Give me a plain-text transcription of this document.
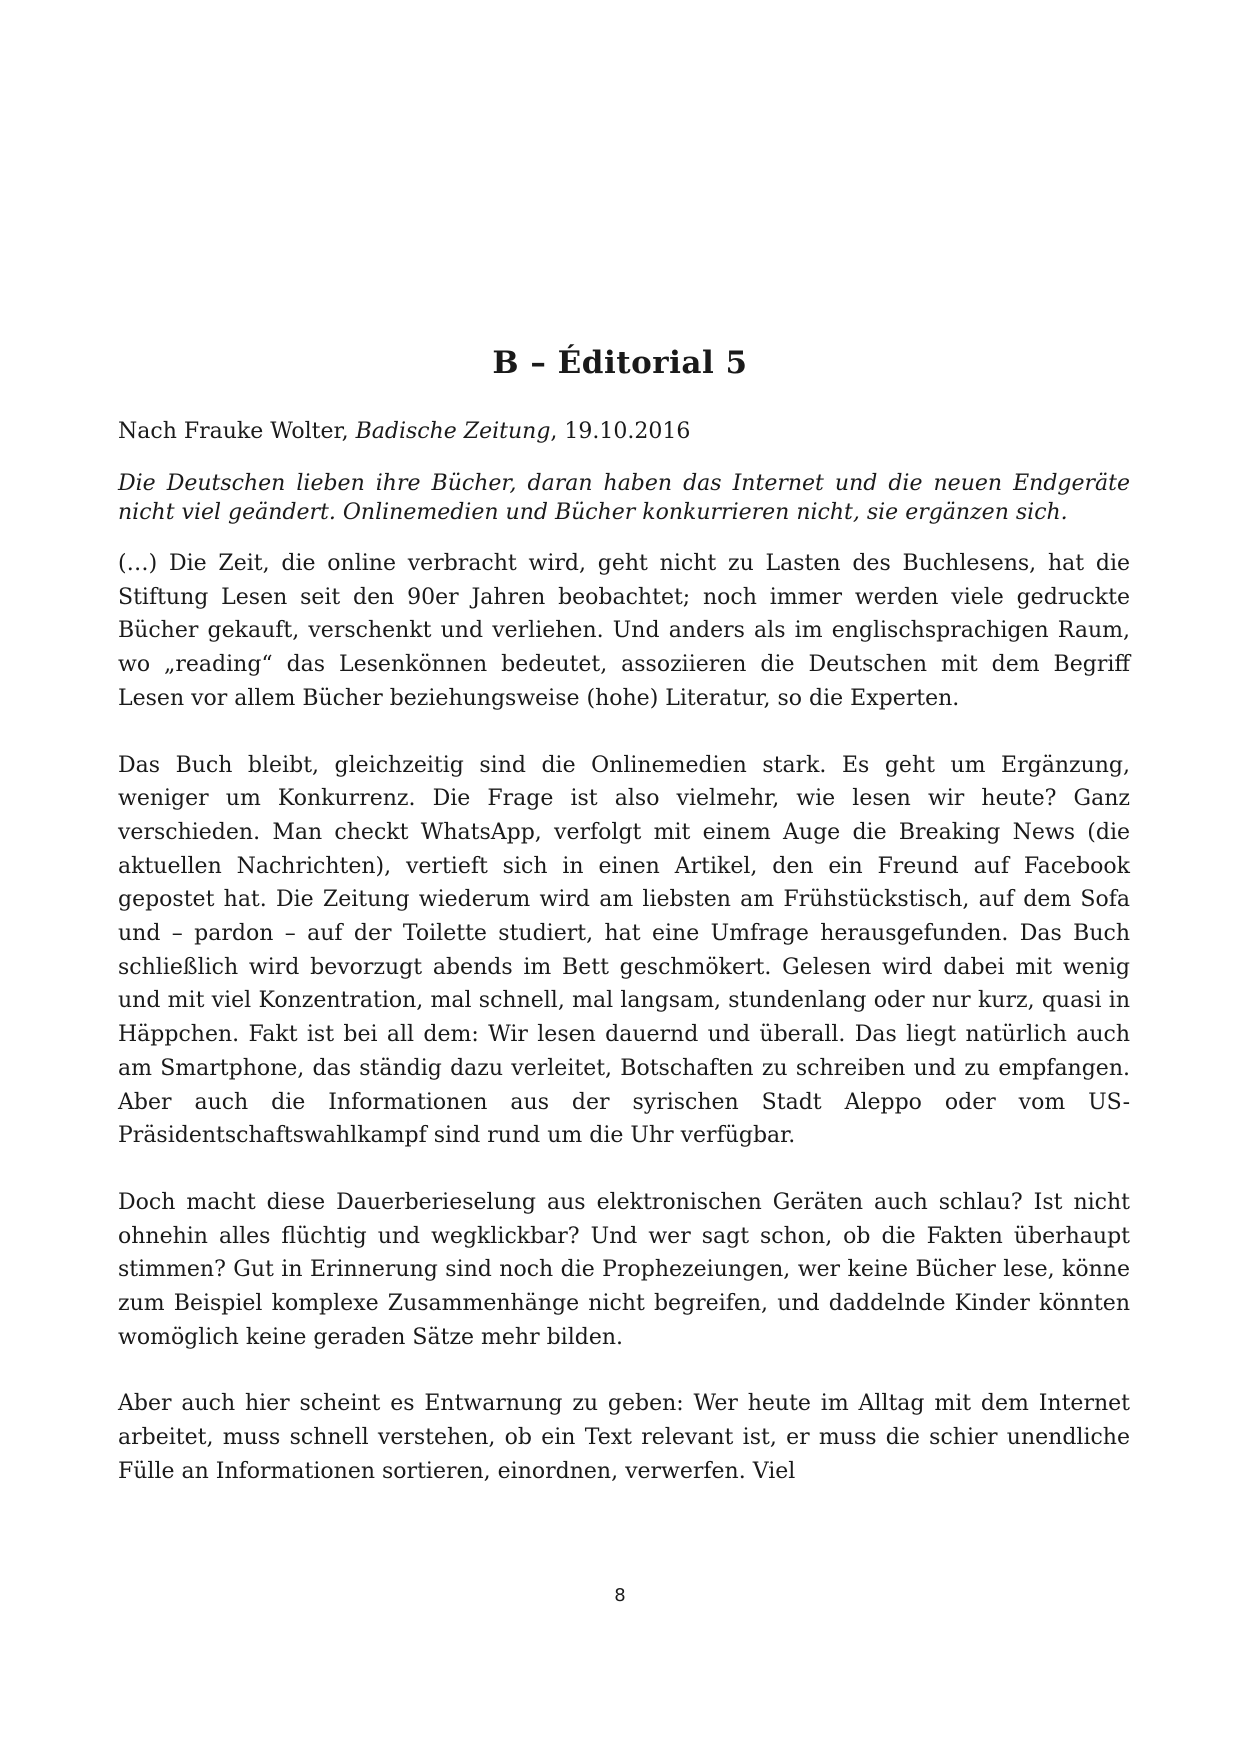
B – Éditorial 5

Nach Frauke Wolter, Badische Zeitung, 19.10.2016

Die Deutschen lieben ihre Bücher, daran haben das Internet und die neuen Endgeräte nicht viel geändert. Onlinemedien und Bücher konkurrieren nicht, sie ergänzen sich.

(…) Die Zeit, die online verbracht wird, geht nicht zu Lasten des Buchlesens, hat die Stiftung Lesen seit den 90er Jahren beobachtet; noch immer werden viele gedruckte Bücher gekauft, verschenkt und verliehen. Und anders als im englischsprachigen Raum, wo „reading“ das Lesenkönnen bedeutet, assoziieren die Deutschen mit dem Begriff Lesen vor allem Bücher beziehungsweise (hohe) Literatur, so die Experten.

Das Buch bleibt, gleichzeitig sind die Onlinemedien stark. Es geht um Ergänzung, weniger um Konkurrenz. Die Frage ist also vielmehr, wie lesen wir heute? Ganz verschieden. Man checkt WhatsApp, verfolgt mit einem Auge die Breaking News (die aktuellen Nachrichten), vertieft sich in einen Artikel, den ein Freund auf Facebook gepostet hat. Die Zeitung wiederum wird am liebsten am Frühstückstisch, auf dem Sofa und – pardon – auf der Toilette studiert, hat eine Umfrage herausgefunden. Das Buch schließlich wird bevorzugt abends im Bett geschmökert. Gelesen wird dabei mit wenig und mit viel Konzentration, mal schnell, mal langsam, stundenlang oder nur kurz, quasi in Häppchen. Fakt ist bei all dem: Wir lesen dauernd und überall. Das liegt natürlich auch am Smartphone, das ständig dazu verleitet, Botschaften zu schreiben und zu empfangen. Aber auch die Informationen aus der syrischen Stadt Aleppo oder vom US-Präsidentschaftswahlkampf sind rund um die Uhr verfügbar.

Doch macht diese Dauerberieselung aus elektronischen Geräten auch schlau? Ist nicht ohnehin alles flüchtig und wegklickbar? Und wer sagt schon, ob die Fakten überhaupt stimmen? Gut in Erinnerung sind noch die Prophezeiungen, wer keine Bücher lese, könne zum Beispiel komplexe Zusammenhänge nicht begreifen, und daddelnde Kinder könnten womöglich keine geraden Sätze mehr bilden.

Aber auch hier scheint es Entwarnung zu geben: Wer heute im Alltag mit dem Internet arbeitet, muss schnell verstehen, ob ein Text relevant ist, er muss die schier unendliche Fülle an Informationen sortieren, einordnen, verwerfen. Viel

8
